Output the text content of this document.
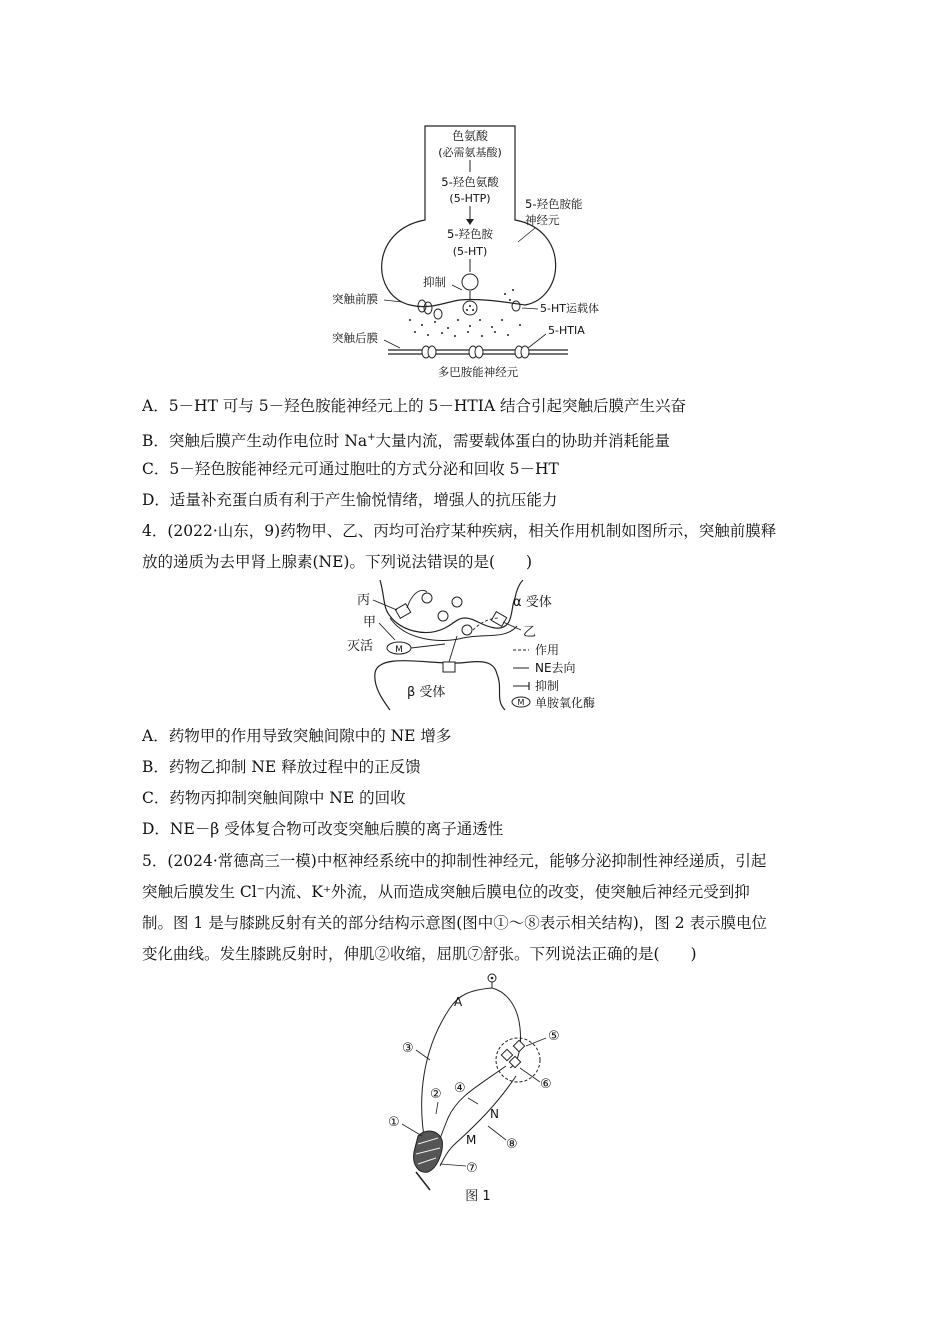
色氨酸
(必需氨基酸)
5-羟色氨酸
(5-HTP)
5-羟色胺
(5-HT)
5-羟色胺能
神经元
抑制
突触前膜
5-HT运载体
突触后膜
5-HTIA
多巴胺能神经元
A．5－HT 可与 5－羟色胺能神经元上的 5－HTIA 结合引起突触后膜产生兴奋
B．突触后膜产生动作电位时 Na+大量内流，需要载体蛋白的协助并消耗能量
C．5－羟色胺能神经元可通过胞吐的方式分泌和回收 5－HT
D．适量补充蛋白质有利于产生愉悦情绪，增强人的抗压能力
4．(2022·山东，9)药物甲、乙、丙均可治疗某种疾病，相关作用机制如图所示，突触前膜释
放的递质为去甲肾上腺素(NE)。下列说法错误的是(　　)
丙
甲
灭活 M
α 受体
乙
β 受体
作用
NE去向
抑制
M 单胺氧化酶
A．药物甲的作用导致突触间隙中的 NE 增多
B．药物乙抑制 NE 释放过程中的正反馈
C．药物丙抑制突触间隙中 NE 的回收
D．NE－β 受体复合物可改变突触后膜的离子通透性
5．(2024·常德高三一模)中枢神经系统中的抑制性神经元，能够分泌抑制性神经递质，引起
突触后膜发生 Cl⁻内流、K⁺外流，从而造成突触后膜电位的改变，使突触后神经元受到抑
制。图 1 是与膝跳反射有关的部分结构示意图(图中①～⑧表示相关结构)，图 2 表示膜电位
变化曲线。发生膝跳反射时，伸肌②收缩，屈肌⑦舒张。下列说法正确的是(　　)
A
③
② ④
①
N
M
⑤
⑥
⑧
⑦
图 1
